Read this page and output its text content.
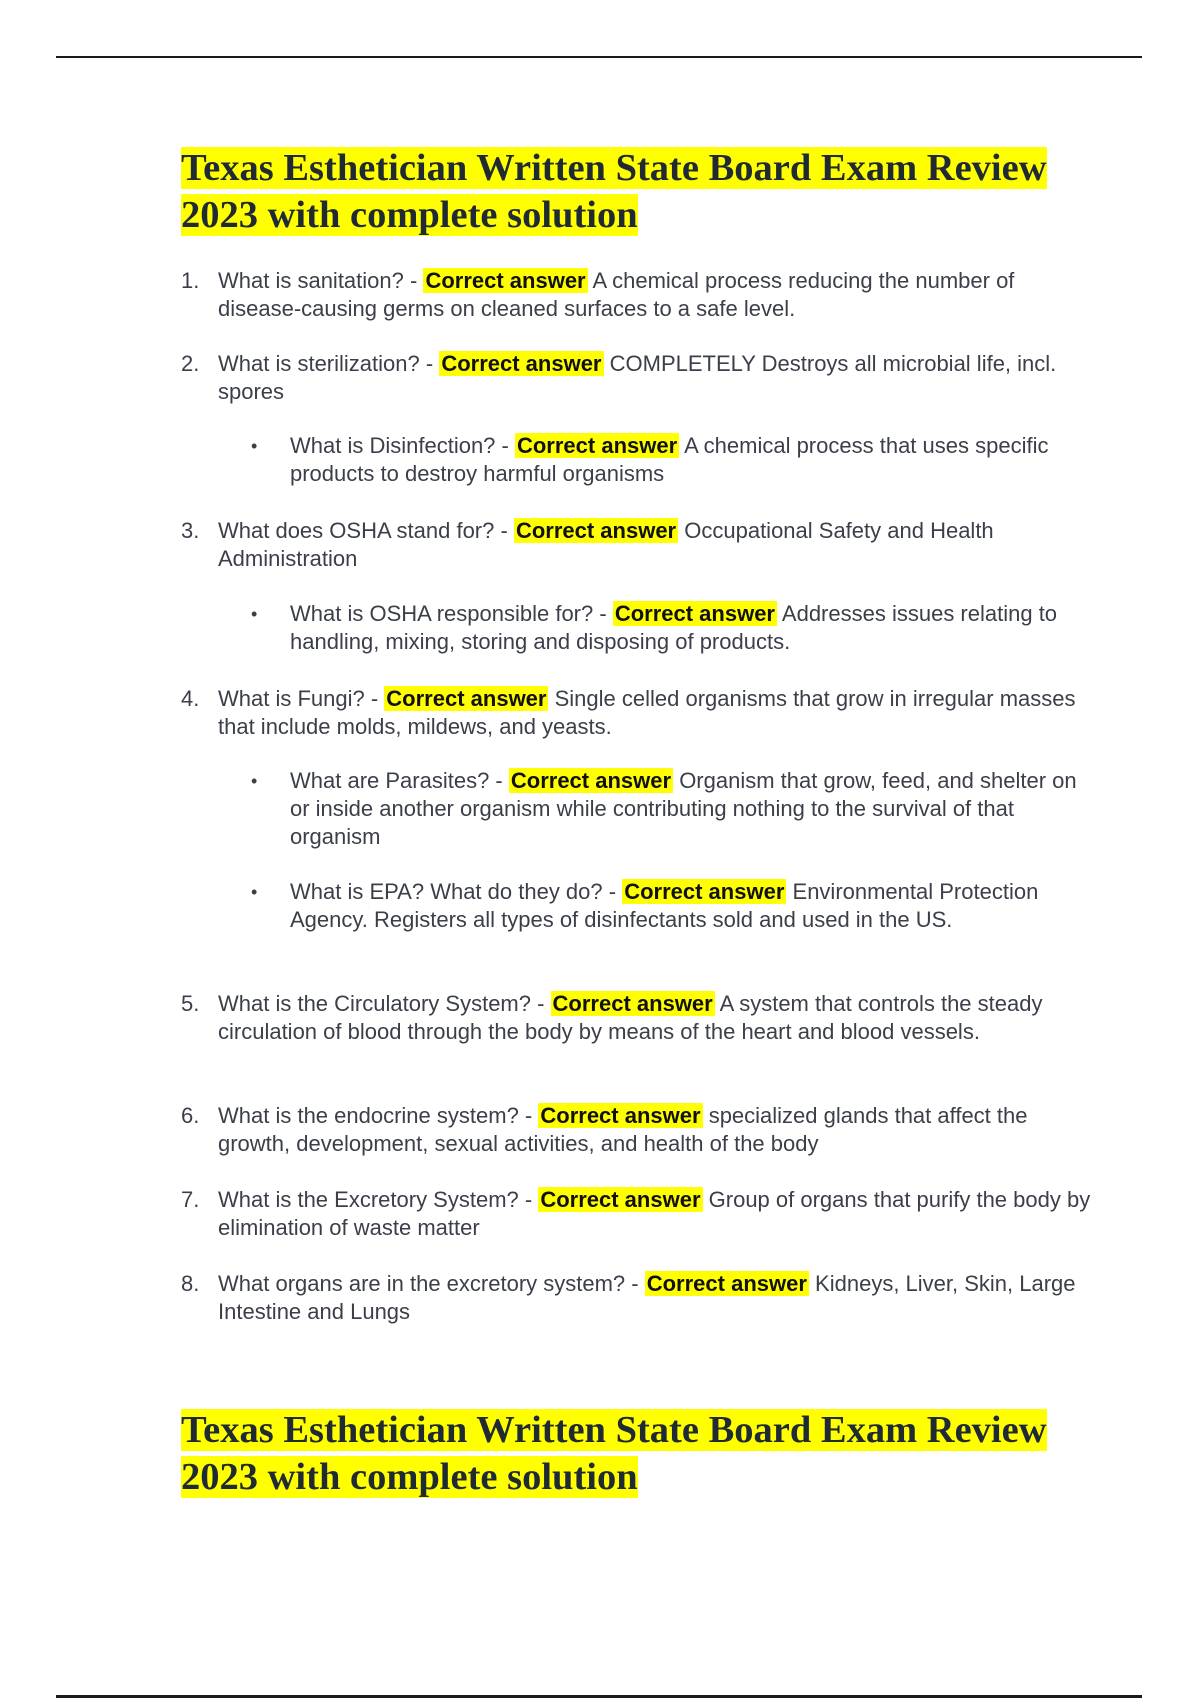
Texas Esthetician Written State Board Exam Review
2023 with complete solution
1. What is sanitation? - Correct answer A chemical process reducing the number of disease-causing germs on cleaned surfaces to a safe level.
2. What is sterilization? - Correct answer COMPLETELY Destroys all microbial life, incl. spores
• What is Disinfection? - Correct answer A chemical process that uses specific products to destroy harmful organisms
3. What does OSHA stand for? - Correct answer Occupational Safety and Health Administration
• What is OSHA responsible for? - Correct answer Addresses issues relating to handling, mixing, storing and disposing of products.
4. What is Fungi? - Correct answer Single celled organisms that grow in irregular masses that include molds, mildews, and yeasts.
• What are Parasites? - Correct answer Organism that grow, feed, and shelter on or inside another organism while contributing nothing to the survival of that organism
• What is EPA? What do they do? - Correct answer Environmental Protection Agency. Registers all types of disinfectants sold and used in the US.
5. What is the Circulatory System? - Correct answer A system that controls the steady circulation of blood through the body by means of the heart and blood vessels.
6. What is the endocrine system? - Correct answer specialized glands that affect the growth, development, sexual activities, and health of the body
7. What is the Excretory System? - Correct answer Group of organs that purify the body by elimination of waste matter
8. What organs are in the excretory system? - Correct answer Kidneys, Liver, Skin, Large Intestine and Lungs
Texas Esthetician Written State Board Exam Review
2023 with complete solution
